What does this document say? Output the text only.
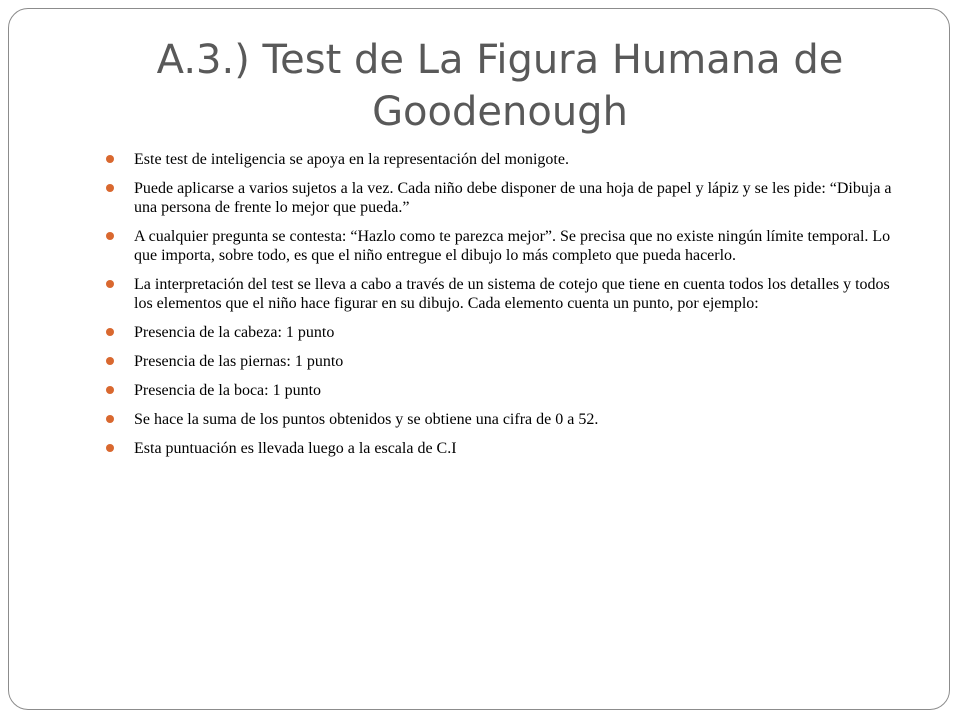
A.3.) Test de La Figura Humana de Goodenough
Este test de inteligencia se apoya en la representación del monigote.
Puede aplicarse a varios sujetos a la vez. Cada niño debe disponer de una hoja de papel y lápiz y se les pide: “Dibuja a una persona de frente lo mejor que pueda.”
A cualquier pregunta se contesta: “Hazlo como te parezca mejor”. Se precisa que no existe ningún límite temporal. Lo que importa, sobre todo, es que el niño entregue el dibujo lo más completo que pueda hacerlo.
La interpretación del test se lleva a cabo a través de un sistema de cotejo que tiene en cuenta todos los detalles y todos los elementos que el niño hace figurar en su dibujo. Cada elemento cuenta un punto, por ejemplo:
Presencia de la cabeza: 1 punto
Presencia de las piernas: 1 punto
Presencia de la boca: 1 punto
Se hace la suma de los puntos obtenidos y se obtiene una cifra de 0 a 52.
Esta puntuación es llevada luego a la escala de C.I
